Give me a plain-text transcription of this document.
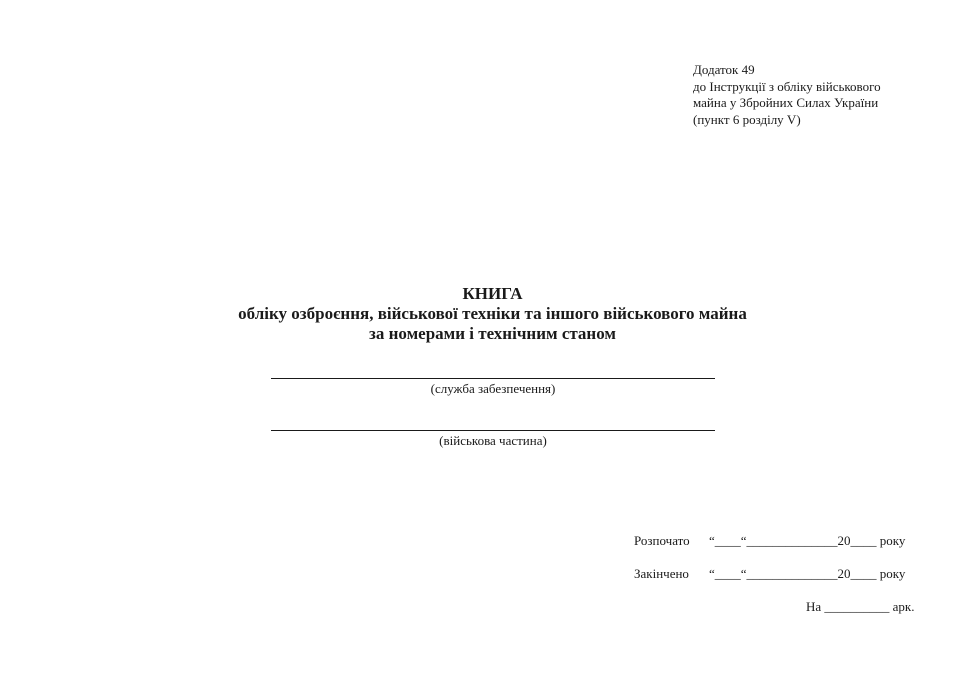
Додаток 49
до Інструкції з обліку військового
майна у Збройних Силах України
(пункт 6 розділу V)
КНИГА
обліку озброєння, військової техніки та іншого військового майна
за номерами і технічним станом
(служба забезпечення)
(військова частина)
Розпочато “____“______________20____ року
Закінчено “____“______________20____ року
На __________ арк.
